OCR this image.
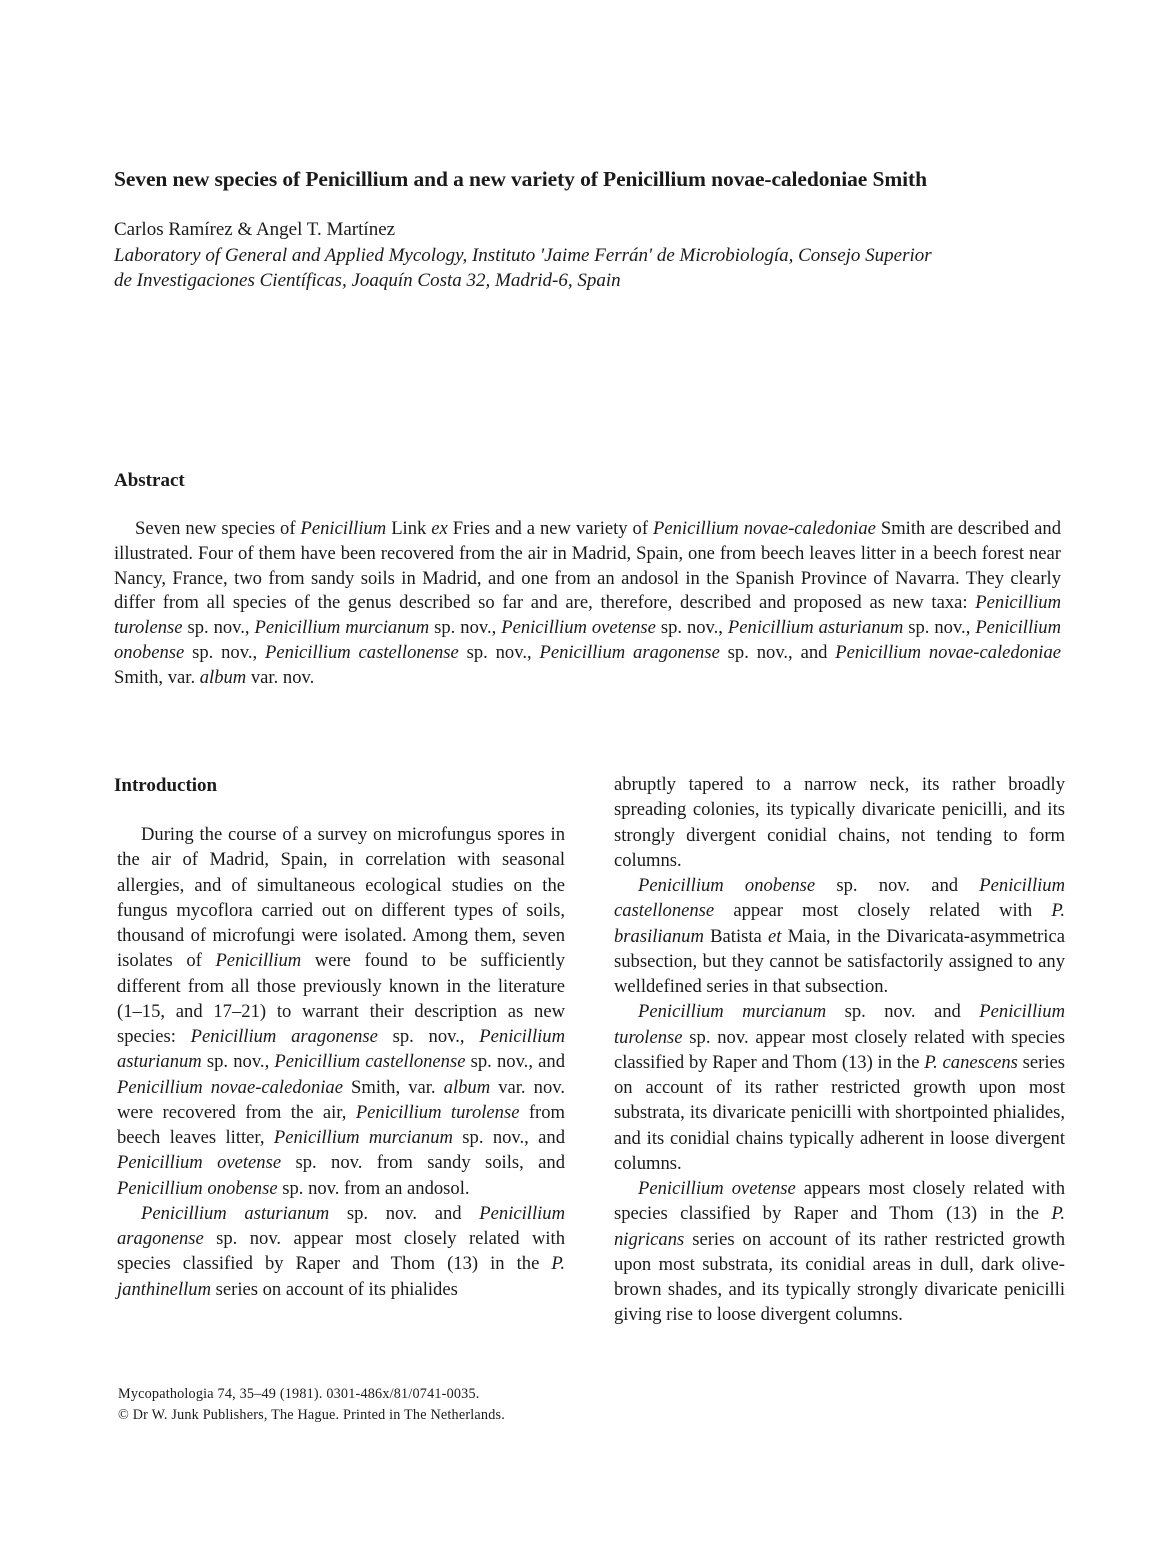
Seven new species of Penicillium and a new variety of Penicillium novae-caledoniae Smith
Carlos Ramírez & Angel T. Martínez
Laboratory of General and Applied Mycology, Instituto 'Jaime Ferrán' de Microbiología, Consejo Superior
de Investigaciones Científicas, Joaquín Costa 32, Madrid-6, Spain
Abstract

Seven new species of Penicillium Link ex Fries and a new variety of Penicillium novae-caledoniae Smith are described and illustrated. Four of them have been recovered from the air in Madrid, Spain, one from beech leaves litter in a beech forest near Nancy, France, two from sandy soils in Madrid, and one from an andosol in the Spanish Province of Navarra. They clearly differ from all species of the genus described so far and are, therefore, described and proposed as new taxa: Penicillium turolense sp. nov., Penicillium murcianum sp. nov., Penicillium ovetense sp. nov., Penicillium asturianum sp. nov., Penicillium onobense sp. nov., Penicillium castellonense sp. nov., Penicillium aragonense sp. nov., and Penicillium novae-caledoniae Smith, var. album var. nov.

Introduction

During the course of a survey on microfungus spores in the air of Madrid, Spain, in correlation with seasonal allergies, and of simultaneous ecological studies on the fungus mycoflora carried out on different types of soils, thousand of microfungi were isolated. Among them, seven isolates of Penicillium were found to be sufficiently different from all those previously known in the literature (1–15, and 17–21) to warrant their description as new species: Penicillium aragonense sp. nov., Penicillium asturianum sp. nov., Penicillium castellonense sp. nov., and Penicillium novae-caledoniae Smith, var. album var. nov. were recovered from the air, Penicillium turolense from beech leaves litter, Penicillium murcianum sp. nov., and Penicillium ovetense sp. nov. from sandy soils, and Penicillium onobense sp. nov. from an andosol.

Penicillium asturianum sp. nov. and Penicillium aragonense sp. nov. appear most closely related with species classified by Raper and Thom (13) in the P. janthinellum series on account of its phialides

abruptly tapered to a narrow neck, its rather broadly spreading colonies, its typically divaricate penicilli, and its strongly divergent conidial chains, not tending to form columns.

Penicillium onobense sp. nov. and Penicillium castellonense appear most closely related with P. brasilianum Batista et Maia, in the Divaricata-asymmetrica subsection, but they cannot be satisfactorily assigned to any welldefined series in that subsection.

Penicillium murcianum sp. nov. and Penicillium turolense sp. nov. appear most closely related with species classified by Raper and Thom (13) in the P. canescens series on account of its rather restricted growth upon most substrata, its divaricate penicilli with shortpointed phialides, and its conidial chains typically adherent in loose divergent columns.

Penicillium ovetense appears most closely related with species classified by Raper and Thom (13) in the P. nigricans series on account of its rather restricted growth upon most substrata, its conidial areas in dull, dark olive-brown shades, and its typically strongly divaricate penicilli giving rise to loose divergent columns.

Mycopathologia 74, 35–49 (1981). 0301-486x/81/0741-0035.
© Dr W. Junk Publishers, The Hague. Printed in The Netherlands.
